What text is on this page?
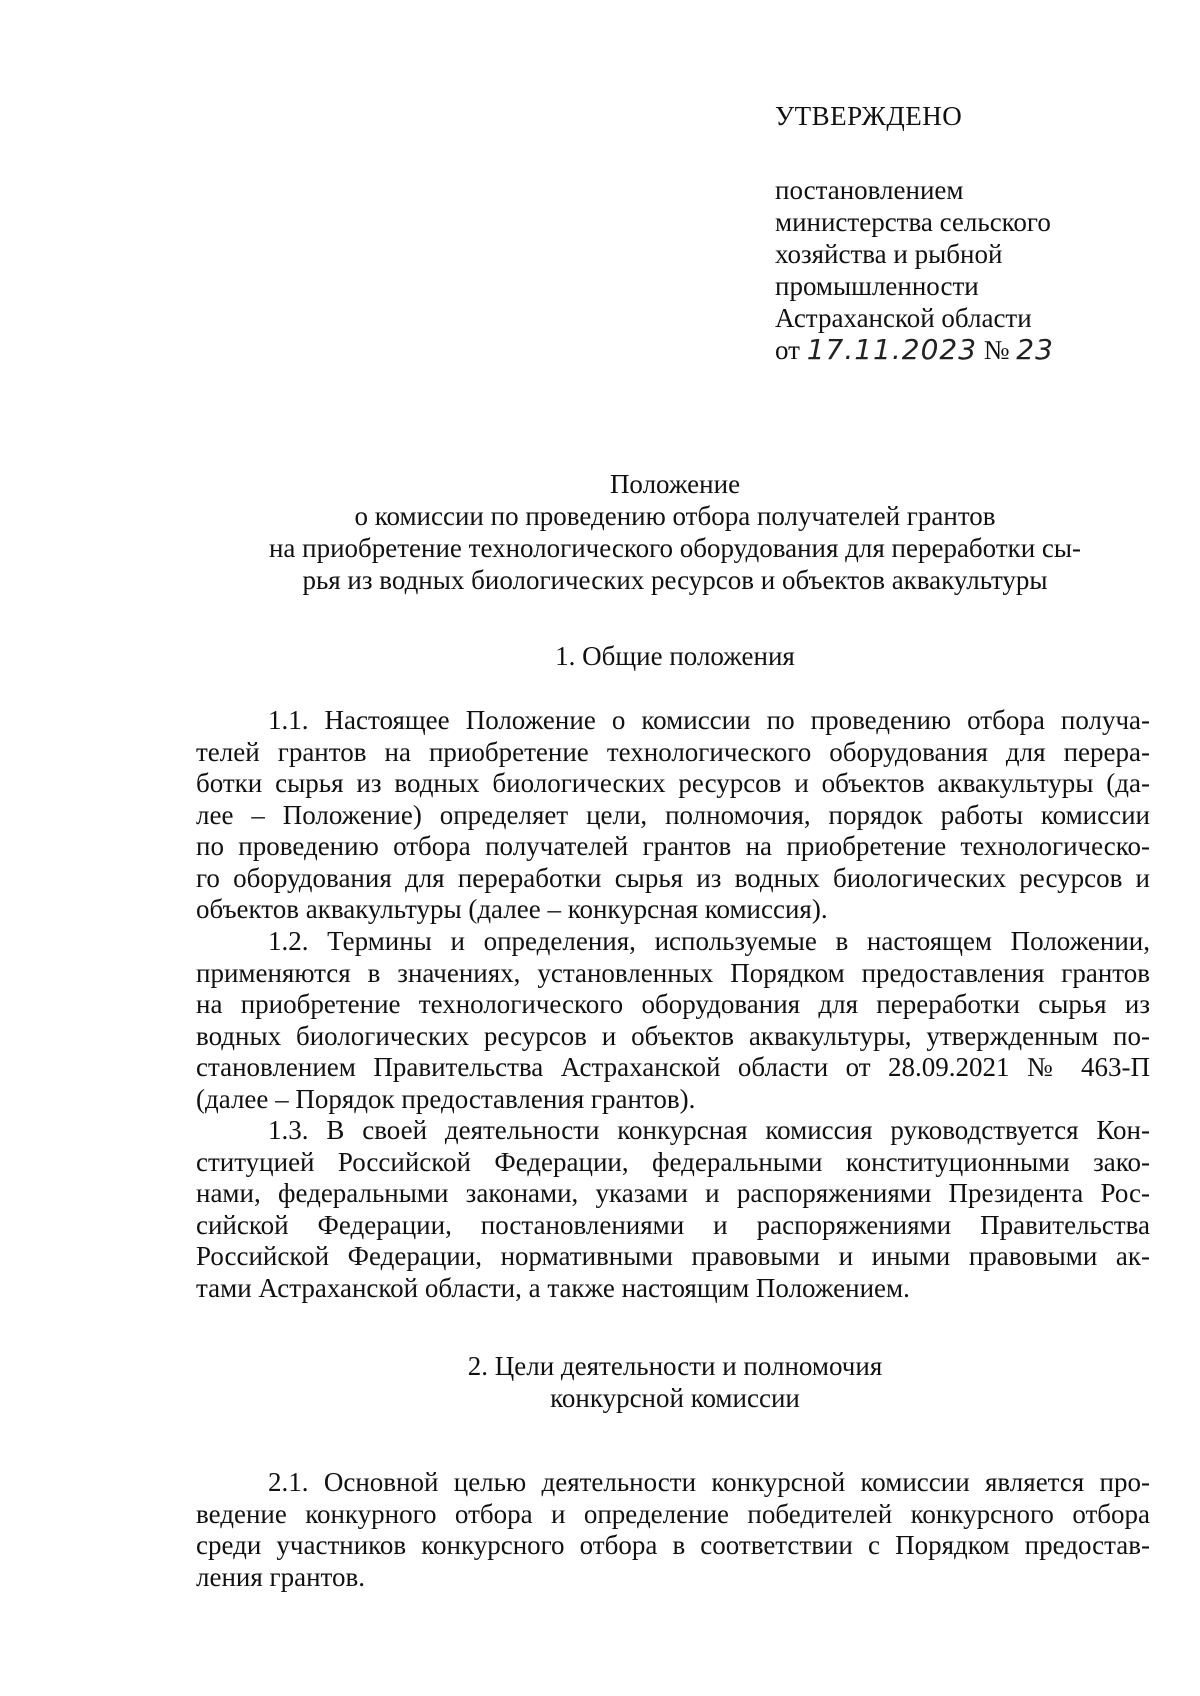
УТВЕРЖДЕНО
постановлением
министерства сельского
хозяйства и рыбной
промышленности
Астраханской области
от 17.11.2023 № 23
Положение
о комиссии по проведению отбора получателей грантов
на приобретение технологического оборудования для переработки сы-
рья из водных биологических ресурсов и объектов аквакультуры
1. Общие положения
1.1. Настоящее Положение о комиссии по проведению отбора получа-
телей грантов на приобретение технологического оборудования для перера-
ботки сырья из водных биологических ресурсов и объектов аквакультуры (да-
лее – Положение) определяет цели, полномочия, порядок работы комиссии
по проведению отбора получателей грантов на приобретение технологическо-
го оборудования для переработки сырья из водных биологических ресурсов и
объектов аквакультуры (далее – конкурсная комиссия).
1.2. Термины и определения, используемые в настоящем Положении,
применяются в значениях, установленных Порядком предоставления грантов
на приобретение технологического оборудования для переработки сырья из
водных биологических ресурсов и объектов аквакультуры, утвержденным по-
становлением Правительства Астраханской области от 28.09.2021 № 463-П
(далее – Порядок предоставления грантов).
1.3. В своей деятельности конкурсная комиссия руководствуется Кон-
ституцией Российской Федерации, федеральными конституционными зако-
нами, федеральными законами, указами и распоряжениями Президента Рос-
сийской Федерации, постановлениями и распоряжениями Правительства
Российской Федерации, нормативными правовыми и иными правовыми ак-
тами Астраханской области, а также настоящим Положением.
2. Цели деятельности и полномочия
конкурсной комиссии
2.1. Основной целью деятельности конкурсной комиссии является про-
ведение конкурного отбора и определение победителей конкурсного отбора
среди участников конкурсного отбора в соответствии с Порядком предостав-
ления грантов.
